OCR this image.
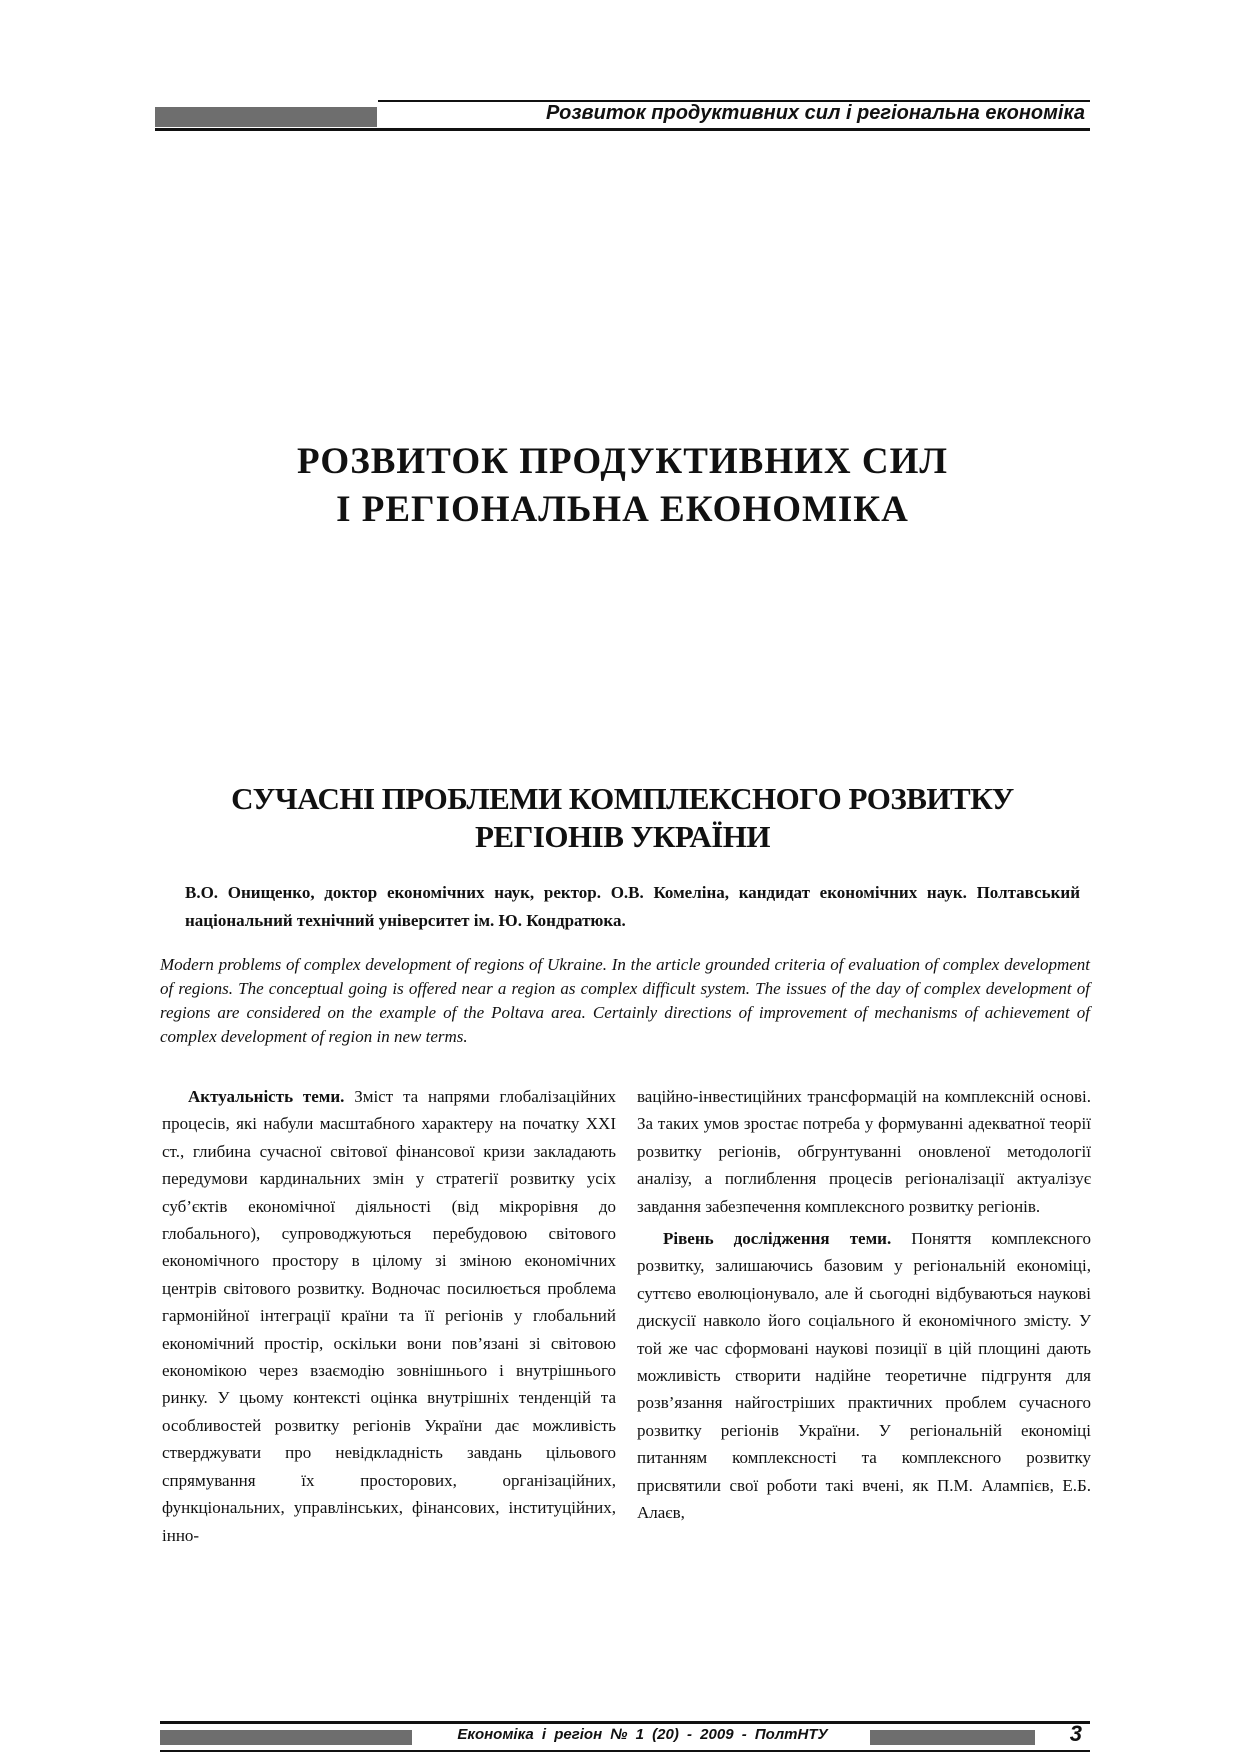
Розвиток продуктивних сил і регіональна економіка
РОЗВИТОК ПРОДУКТИВНИХ СИЛ
І РЕГІОНАЛЬНА ЕКОНОМІКА
СУЧАСНІ ПРОБЛЕМИ КОМПЛЕКСНОГО РОЗВИТКУ
РЕГІОНІВ УКРАЇНИ
В.О. Онищенко, доктор економічних наук, ректор. О.В. Комеліна, кандидат економічних наук. Полтавський національний технічний університет ім. Ю. Кондратюка.
Modern problems of complex development of regions of Ukraine. In the article grounded criteria of evaluation of complex development of regions. The conceptual going is offered near a region as complex difficult system. The issues of the day of complex development of regions are considered on the example of the Poltava area. Certainly directions of improvement of mechanisms of achievement of complex development of region in new terms.

Актуальність теми. Зміст та напрями глобалізаційних процесів, які набули масштабного характеру на початку XXI ст., глибина сучасної світової фінансової кризи закладають передумови кардинальних змін у стратегії розвитку усіх суб’єктів економічної діяльності (від мікрорівня до глобального), супроводжуються перебудовою світового економічного простору в цілому зі зміною економічних центрів світового розвитку. Водночас посилюється проблема гармонійної інтеграції країни та її регіонів у глобальний економічний простір, оскільки вони пов’язані зі світовою економікою через взаємодію зовнішнього і внутрішнього ринку. У цьому контексті оцінка внутрішніх тенденцій та особливостей розвитку регіонів України дає можливість стверджувати про невідкладність завдань цільового спрямування їх просторових, організаційних, функціональних, управлінських, фінансових, інституційних, інно-

ваційно-інвестиційних трансформацій на комплексній основі. За таких умов зростає потреба у формуванні адекватної теорії розвитку регіонів, обгрунтуванні оновленої методології аналізу, а поглиблення процесів регіоналізації актуалізує завдання забезпечення комплексного розвитку регіонів.

Рівень дослідження теми. Поняття комплексного розвитку, залишаючись базовим у регіональній економіці, суттєво еволюціонувало, але й сьогодні відбуваються наукові дискусії навколо його соціального й економічного змісту. У той же час сформовані наукові позиції в цій площині дають можливість створити надійне теоретичне підгрунтя для розв’язання найгостріших практичних проблем сучасного розвитку регіонів України. У регіональній економіці питанням комплексності та комплексного розвитку присвятили свої роботи такі вчені, як П.М. Алампієв, Е.Б. Алаєв,

Економіка і регіон № 1 (20) - 2009 - ПолтНТУ	3
